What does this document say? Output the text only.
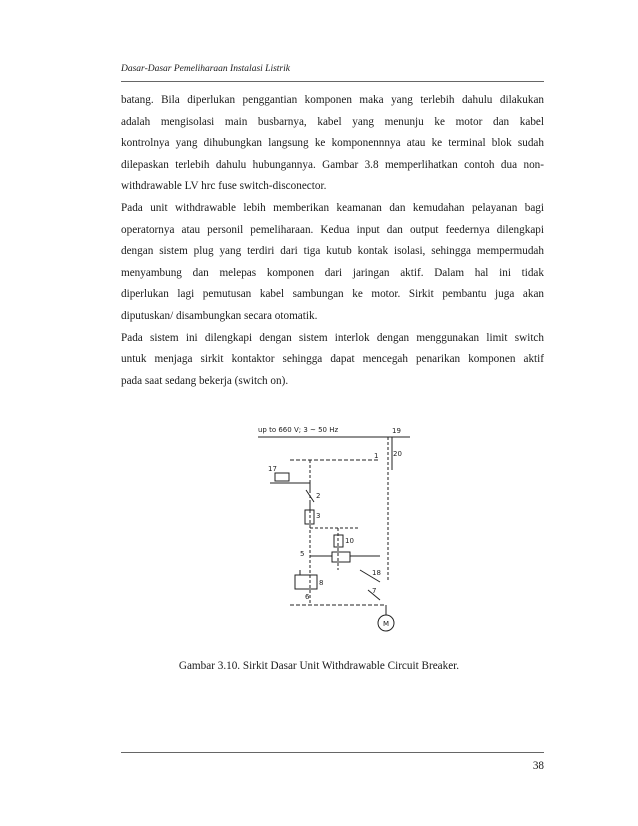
Dasar-Dasar Pemeliharaan Instalasi Listrik
batang. Bila diperlukan penggantian komponen maka yang terlebih dahulu dilakukan
adalah mengisolasi main busbarnya, kabel yang menunju ke motor dan kabel
kontrolnya yang dihubungkan langsung ke komponennnya atau ke terminal blok sudah
dilepaskan terlebih dahulu hubungannya. Gambar 3.8 memperlihatkan contoh dua non-
withdrawable LV hrc fuse switch-disconector.
Pada unit withdrawable lebih memberikan keamanan dan kemudahan pelayanan bagi
operatornya atau personil pemeliharaan. Kedua input dan output feedernya dilengkapi
dengan sistem plug yang terdiri dari tiga kutub kontak isolasi, sehingga mempermudah
menyambung dan melepas komponen dari jaringan aktif. Dalam hal ini tidak
diperlukan lagi pemutusan kabel sambungan ke motor. Sirkit pembantu juga akan
diputuskan/ disambungkan secara otomatik.
Pada sistem ini dilengkapi dengan sistem interlok dengan menggunakan limit switch
untuk menjaga sirkit kontaktor sehingga dapat mencegah penarikan komponen aktif
pada saat sedang bekerja (switch on).
up to 660 V; 3 ~ 50 Hz	19
20
17
1
2
3
10
5
8
18
7
6
M
Gambar 3.10. Sirkit Dasar Unit Withdrawable Circuit Breaker.
38
